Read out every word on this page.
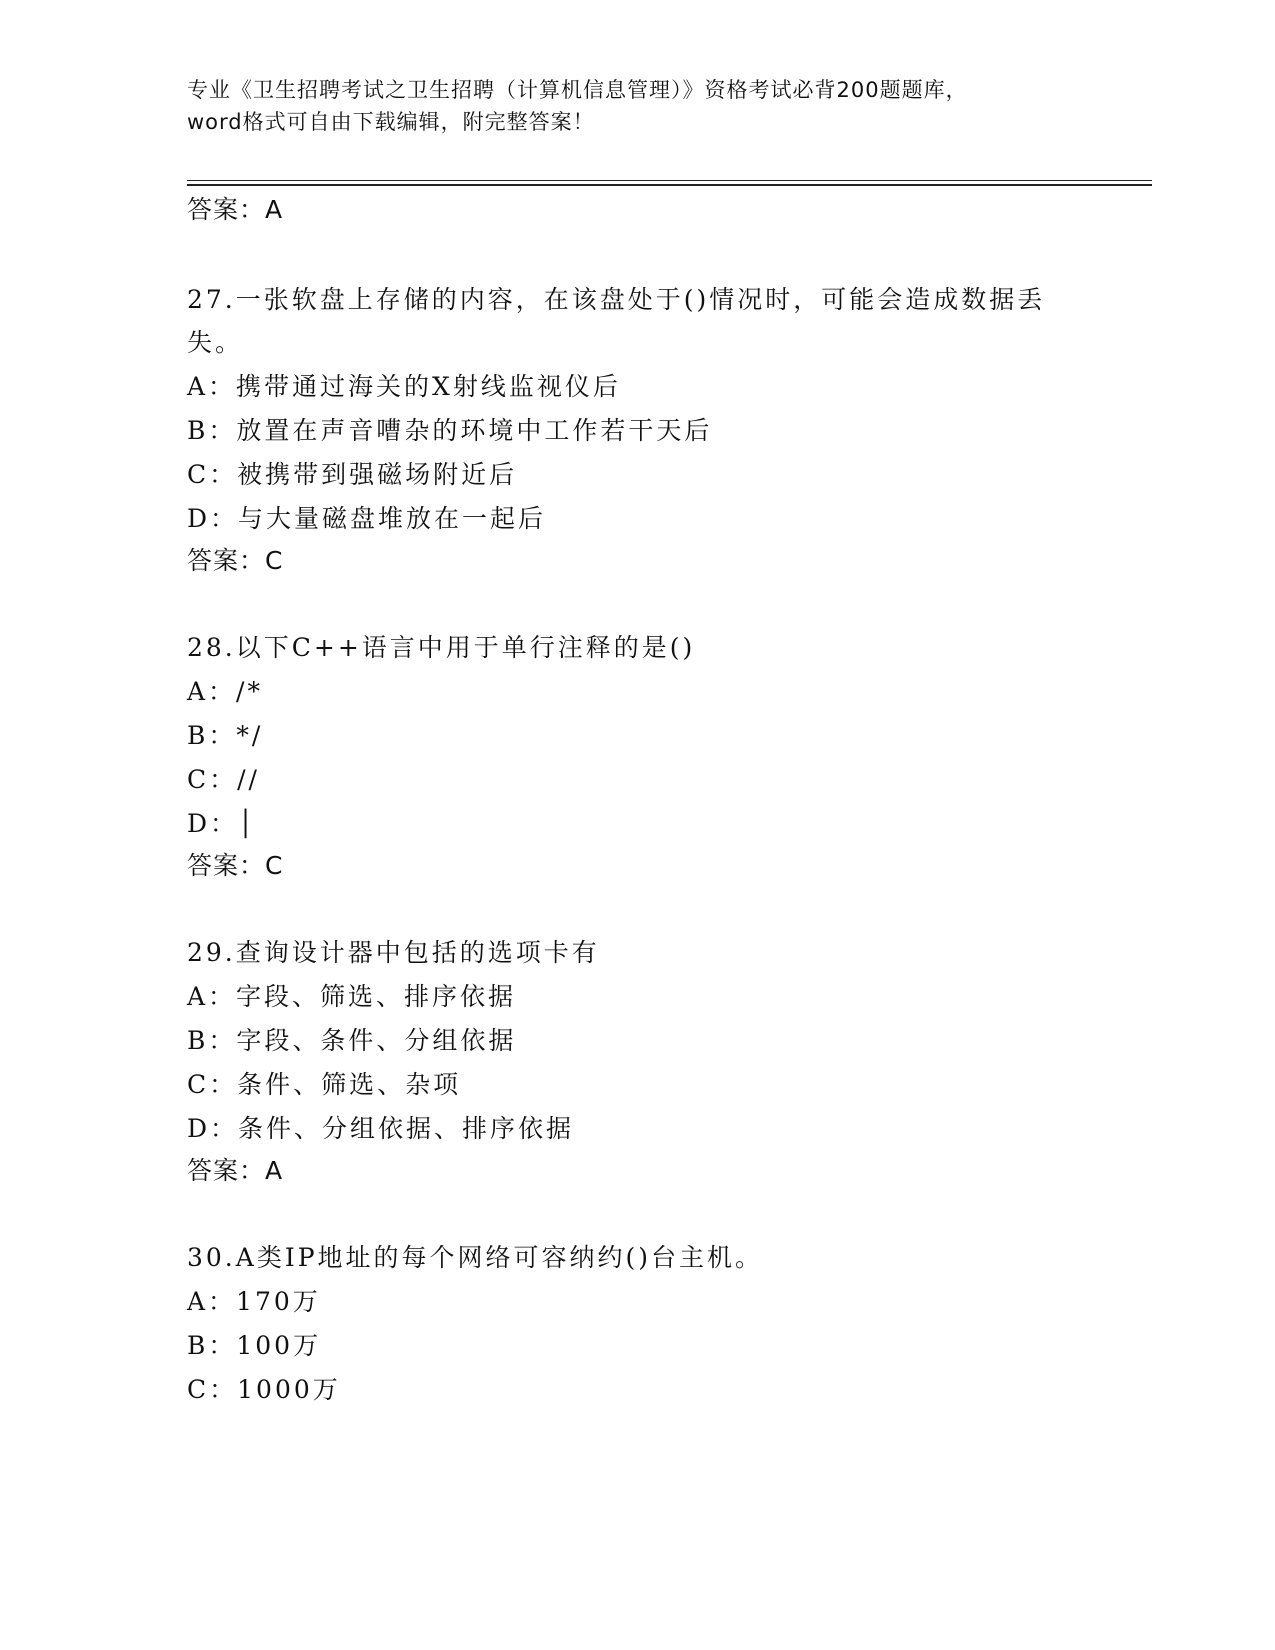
专业《卫生招聘考试之卫生招聘（计算机信息管理）》资格考试必背200题题库，
word格式可自由下载编辑，附完整答案！
答案：A
27.一张软盘上存储的内容，在该盘处于()情况时，可能会造成数据丢
失。
A：携带通过海关的X射线监视仪后
B：放置在声音嘈杂的环境中工作若干天后
C：被携带到强磁场附近后
D：与大量磁盘堆放在一起后
答案：C
28.以下C++语言中用于单行注释的是()
A：/*
B：*/
C：//
D：│
答案：C
29.查询设计器中包括的选项卡有
A：字段、筛选、排序依据
B：字段、条件、分组依据
C：条件、筛选、杂项
D：条件、分组依据、排序依据
答案：A
30.A类IP地址的每个网络可容纳约()台主机。
A：170万
B：100万
C：1000万
